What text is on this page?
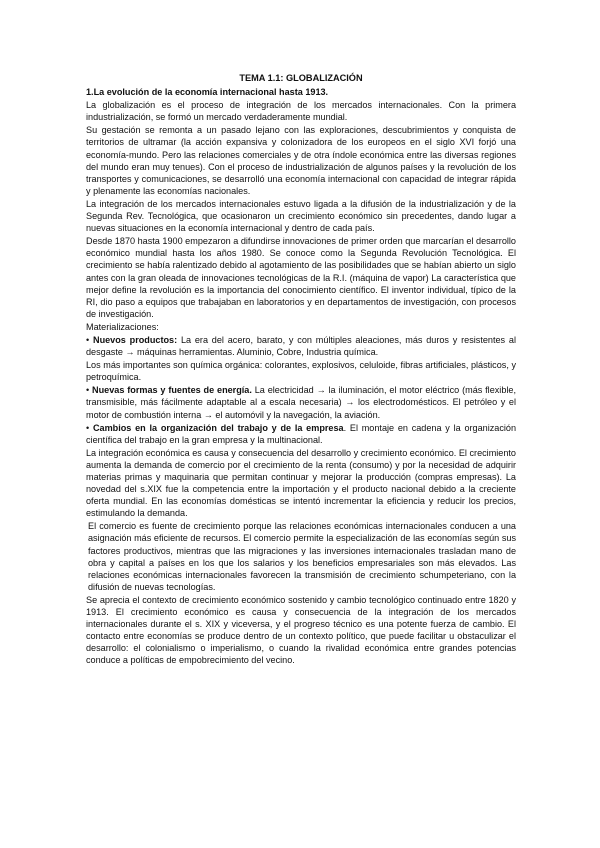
TEMA 1.1: GLOBALIZACIÓN
1.La evolución de la economía internacional hasta 1913.
La globalización es el proceso de integración de los mercados internacionales. Con la primera industrialización, se formó un mercado verdaderamente mundial.
Su gestación se remonta a un pasado lejano con las exploraciones, descubrimientos y conquista de territorios de ultramar (la acción expansiva y colonizadora de los europeos en el siglo XVI forjó una economía-mundo. Pero las relaciones comerciales y de otra índole económica entre las diversas regiones del mundo eran muy tenues). Con el proceso de industrialización de algunos países y la revolución de los transportes y comunicaciones, se desarrolló una economía internacional con capacidad de integrar rápida y plenamente las economías nacionales.
La integración de los mercados internacionales estuvo ligada a la difusión de la industrialización y de la Segunda Rev. Tecnológica, que ocasionaron un crecimiento económico sin precedentes, dando lugar a nuevas situaciones en la economía internacional y dentro de cada país.
Desde 1870 hasta 1900 empezaron a difundirse innovaciones de primer orden que marcarían el desarrollo económico mundial hasta los años 1980. Se conoce como la Segunda Revolución Tecnológica. El crecimiento se había ralentizado debido al agotamiento de las posibilidades que se habían abierto un siglo antes con la gran oleada de innovaciones tecnológicas de la R.I. (máquina de vapor) La característica que mejor define la revolución es la importancia del conocimiento científico. El inventor individual, típico de la RI, dio paso a equipos que trabajaban en laboratorios y en departamentos de investigación, con procesos de investigación.
Materializaciones:
• Nuevos productos: La era del acero, barato, y con múltiples aleaciones, más duros y resistentes al desgaste → máquinas herramientas. Aluminio, Cobre, Industria química.
Los más importantes son química orgánica: colorantes, explosivos, celuloide, fibras artificiales, plásticos, y petroquímica.
• Nuevas formas y fuentes de energía. La electricidad → la iluminación, el motor eléctrico (más flexible, transmisible, más fácilmente adaptable al a escala necesaria) → los electrodomésticos. El petróleo y el motor de combustión interna → el automóvil y la navegación, la aviación.
• Cambios en la organización del trabajo y de la empresa. El montaje en cadena y la organización científica del trabajo en la gran empresa y la multinacional.
La integración económica es causa y consecuencia del desarrollo y crecimiento económico. El crecimiento aumenta la demanda de comercio por el crecimiento de la renta (consumo) y por la necesidad de adquirir materias primas y maquinaria que permitan continuar y mejorar la producción (compras empresas). La novedad del s.XIX fue la competencia entre la importación y el producto nacional debido a la creciente oferta mundial. En las economías domésticas se intentó incrementar la eficiencia y reducir los precios, estimulando la demanda.
El comercio es fuente de crecimiento porque las relaciones económicas internacionales conducen a una asignación más eficiente de recursos. El comercio permite la especialización de las economías según sus factores productivos, mientras que las migraciones y las inversiones internacionales trasladan mano de obra y capital a países en los que los salarios y los beneficios empresariales son más elevados. Las relaciones económicas internacionales favorecen la transmisión de crecimiento schumpeteriano, con la difusión de nuevas tecnologías.
Se aprecia el contexto de crecimiento económico sostenido y cambio tecnológico continuado entre 1820 y 1913. El crecimiento económico es causa y consecuencia de la integración de los mercados internacionales durante el s. XIX y viceversa, y el progreso técnico es una potente fuerza de cambio. El contacto entre economías se produce dentro de un contexto político, que puede facilitar u obstaculizar el desarrollo: el colonialismo o imperialismo, o cuando la rivalidad económica entre grandes potencias conduce a políticas de empobrecimiento del vecino.
